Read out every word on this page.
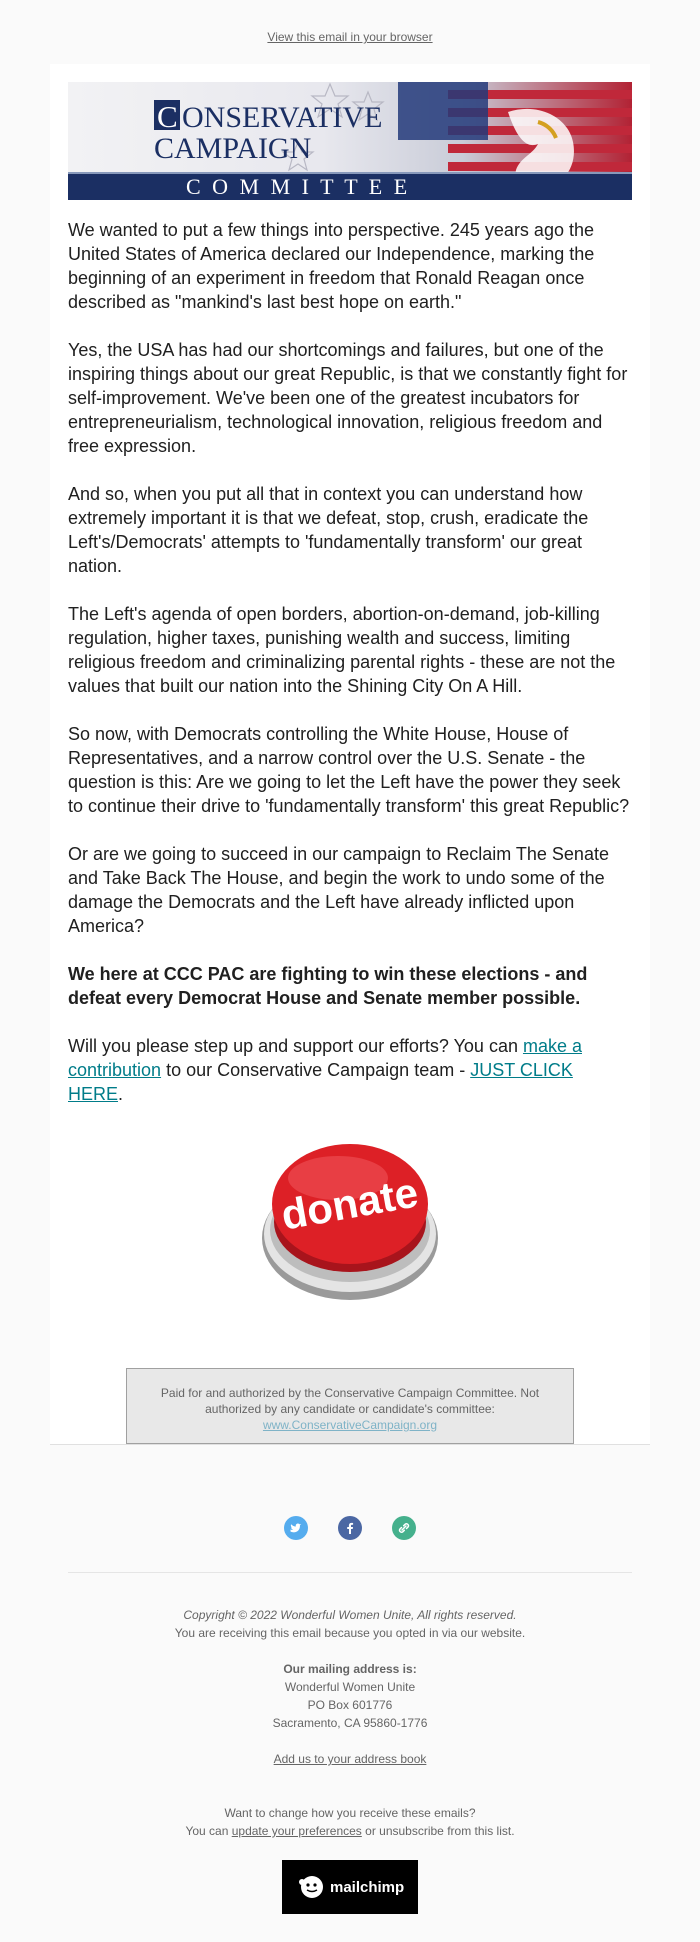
View this email in your browser
C ONSERVATIVE
CAMPAIGN
C O M M I T T E E

We wanted to put a few things into perspective. 245 years ago the United States of America declared our Independence, marking the beginning of an experiment in freedom that Ronald Reagan once described as "mankind's last best hope on earth."

Yes, the USA has had our shortcomings and failures, but one of the inspiring things about our great Republic, is that we constantly fight for self-improvement. We've been one of the greatest incubators for entrepreneurialism, technological innovation, religious freedom and free expression.

And so, when you put all that in context you can understand how extremely important it is that we defeat, stop, crush, eradicate the Left's/Democrats' attempts to 'fundamentally transform' our great nation.

The Left's agenda of open borders, abortion-on-demand, job-killing regulation, higher taxes, punishing wealth and success, limiting religious freedom and criminalizing parental rights - these are not the values that built our nation into the Shining City On A Hill.

So now, with Democrats controlling the White House, House of Representatives, and a narrow control over the U.S. Senate - the question is this: Are we going to let the Left have the power they seek to continue their drive to 'fundamentally transform' this great Republic?

Or are we going to succeed in our campaign to Reclaim The Senate and Take Back The House, and begin the work to undo some of the damage the Democrats and the Left have already inflicted upon America?

We here at CCC PAC are fighting to win these elections - and defeat every Democrat House and Senate member possible.

Will you please step up and support our efforts? You can make a contribution to our Conservative Campaign team - JUST CLICK HERE.

donate
Paid for and authorized by the Conservative Campaign Committee. Not authorized by any candidate or candidate's committee:
www.ConservativeCampaign.org
Copyright © 2022 Wonderful Women Unite, All rights reserved.
You are receiving this email because you opted in via our website.
Our mailing address is:
Wonderful Women Unite
PO Box 601776
Sacramento, CA 95860-1776
Add us to your address book
Want to change how you receive these emails?
You can update your preferences or unsubscribe from this list.
mailchimp
